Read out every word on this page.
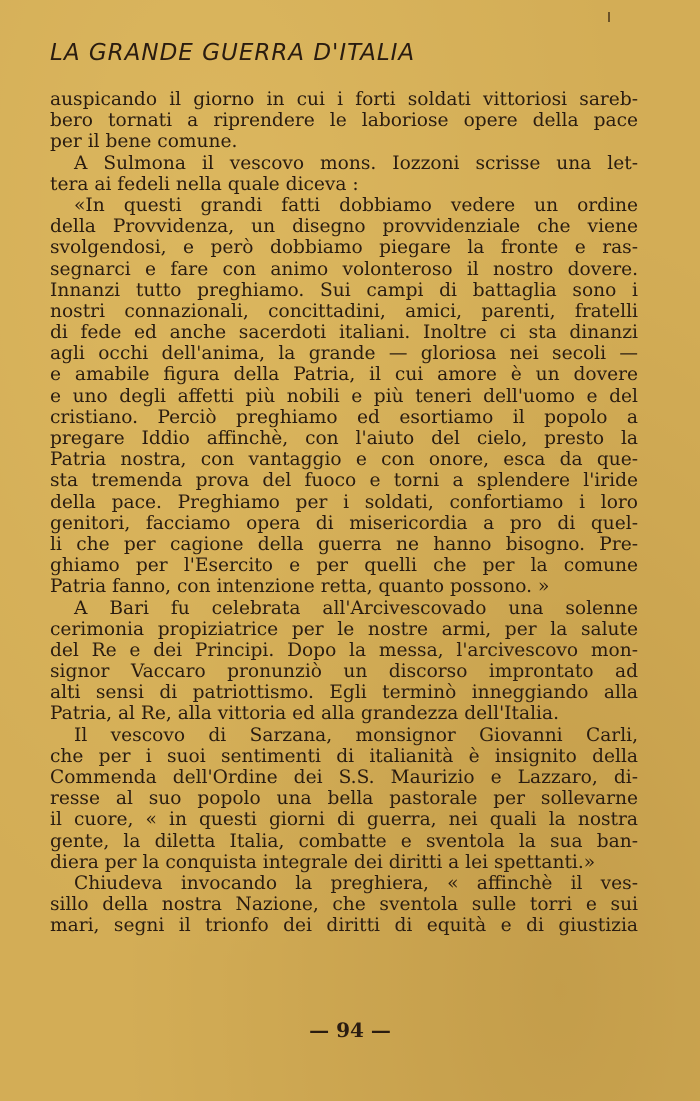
LA GRANDE GUERRA D'ITALIA
auspicando il giorno in cui i forti soldati vittoriosi sareb-
bero tornati a riprendere le laboriose opere della pace
per il bene comune.
A Sulmona il vescovo mons. Iozzoni scrisse una let-
tera ai fedeli nella quale diceva :
«In questi grandi fatti dobbiamo vedere un ordine
della Provvidenza, un disegno provvidenziale che viene
svolgendosi, e però dobbiamo piegare la fronte e ras-
segnarci e fare con animo volonteroso il nostro dovere.
Innanzi tutto preghiamo. Sui campi di battaglia sono i
nostri connazionali, concittadini, amici, parenti, fratelli
di fede ed anche sacerdoti italiani. Inoltre ci sta dinanzi
agli occhi dell'anima, la grande — gloriosa nei secoli —
e amabile figura della Patria, il cui amore è un dovere
e uno degli affetti più nobili e più teneri dell'uomo e del
cristiano. Perciò preghiamo ed esortiamo il popolo a
pregare Iddio affinchè, con l'aiuto del cielo, presto la
Patria nostra, con vantaggio e con onore, esca da que-
sta tremenda prova del fuoco e torni a splendere l'iride
della pace. Preghiamo per i soldati, confortiamo i loro
genitori, facciamo opera di misericordia a pro di quel-
li che per cagione della guerra ne hanno bisogno. Pre-
ghiamo per l'Esercito e per quelli che per la comune
Patria fanno, con intenzione retta, quanto possono. »
A Bari fu celebrata all'Arcivescovado una solenne
cerimonia propiziatrice per le nostre armi, per la salute
del Re e dei Principi. Dopo la messa, l'arcivescovo mon-
signor Vaccaro pronunziò un discorso improntato ad
alti sensi di patriottismo. Egli terminò inneggiando alla
Patria, al Re, alla vittoria ed alla grandezza dell'Italia.
Il vescovo di Sarzana, monsignor Giovanni Carli,
che per i suoi sentimenti di italianità è insignito della
Commenda dell'Ordine dei S.S. Maurizio e Lazzaro, di-
resse al suo popolo una bella pastorale per sollevarne
il cuore, « in questi giorni di guerra, nei quali la nostra
gente, la diletta Italia, combatte e sventola la sua ban-
diera per la conquista integrale dei diritti a lei spettanti.»
Chiudeva invocando la preghiera, « affinchè il ves-
sillo della nostra Nazione, che sventola sulle torri e sui
mari, segni il trionfo dei diritti di equità e di giustizia
— 94 —
